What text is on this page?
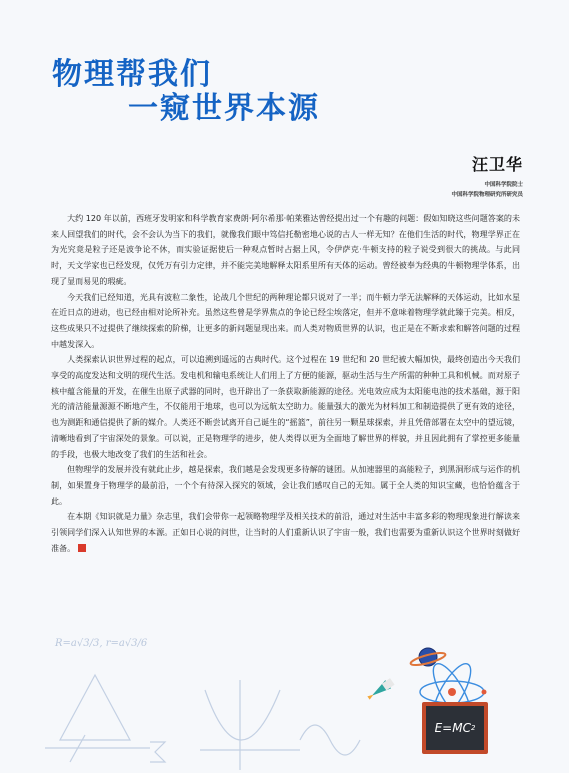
物理帮我们
一窥世界本源
汪卫华
中国科学院院士
中国科学院物理研究所研究员

大约 120 年以前，西班牙发明家和科学教育家费朗·阿尔希那·帕莱雅达曾经提出过一个有趣的问题：假如知晓这些问题答案的未来人回望我们的时代，会不会认为当下的我们，就像我们眼中笃信托勒密地心说的古人一样无知？在他们生活的时代，物理学界正在为光究竟是粒子还是波争论不休，而实验证据使后一种观点暂时占据上风，令伊萨克·牛顿支持的粒子说受到很大的挑战。与此同时，天文学家也已经发现，仅凭万有引力定律，并不能完美地解释太阳系里所有天体的运动。曾经被奉为经典的牛顿物理学体系，出现了显而易见的瑕疵。

今天我们已经知道，光具有波粒二象性，论战几个世纪的两种理论都只说对了一半；而牛顿力学无法解释的天体运动，比如水星在近日点的进动，也已经由相对论所补充。虽然这些曾是学界焦点的争论已经尘埃落定，但并不意味着物理学就此臻于完美。相反，这些成果只不过提供了继续探索的阶梯，让更多的新问题显现出来。而人类对物质世界的认识，也正是在不断求索和解答问题的过程中越发深入。

人类探索认识世界过程的起点，可以追溯到遥远的古典时代。这个过程在 19 世纪和 20 世纪被大幅加快，最终创造出今天我们享受的高度发达和文明的现代生活。发电机和输电系统让人们用上了方便的能源，驱动生活与生产所需的种种工具和机械。而对原子核中蕴含能量的开发，在催生出原子武器的同时，也开辟出了一条获取新能源的途径。光电效应成为太阳能电池的技术基础，源于阳光的清洁能量源源不断地产生，不仅能用于地球，也可以为远航太空助力。能量强大的激光为材料加工和制造提供了更有效的途径，也为测距和通信提供了新的媒介。人类还不断尝试离开自己诞生的“摇篮”，前往另一颗星球探索，并且凭借部署在太空中的望远镜，清晰地看到了宇宙深处的景象。可以说，正是物理学的进步，使人类得以更为全面地了解世界的样貌，并且因此拥有了掌控更多能量的手段，也极大地改变了我们的生活和社会。

但物理学的发展并没有就此止步，越是探索，我们越是会发现更多待解的谜团。从加速器里的高能粒子，到黑洞形成与运作的机制，如果置身于物理学的最前沿，一个个有待深入探究的领域，会让我们感叹自己的无知。属于全人类的知识宝藏，也恰恰蕴含于此。

在本期《知识就是力量》杂志里，我们会带你一起领略物理学及相关技术的前沿，通过对生活中丰富多彩的物理现象进行解读来引领同学们深入认知世界的本源。正如日心说的问世，让当时的人们重新认识了宇宙一般，我们也需要为重新认识这个世界时刻做好准备。

R=a√3/3, r=a√3/6
E=MC 2
